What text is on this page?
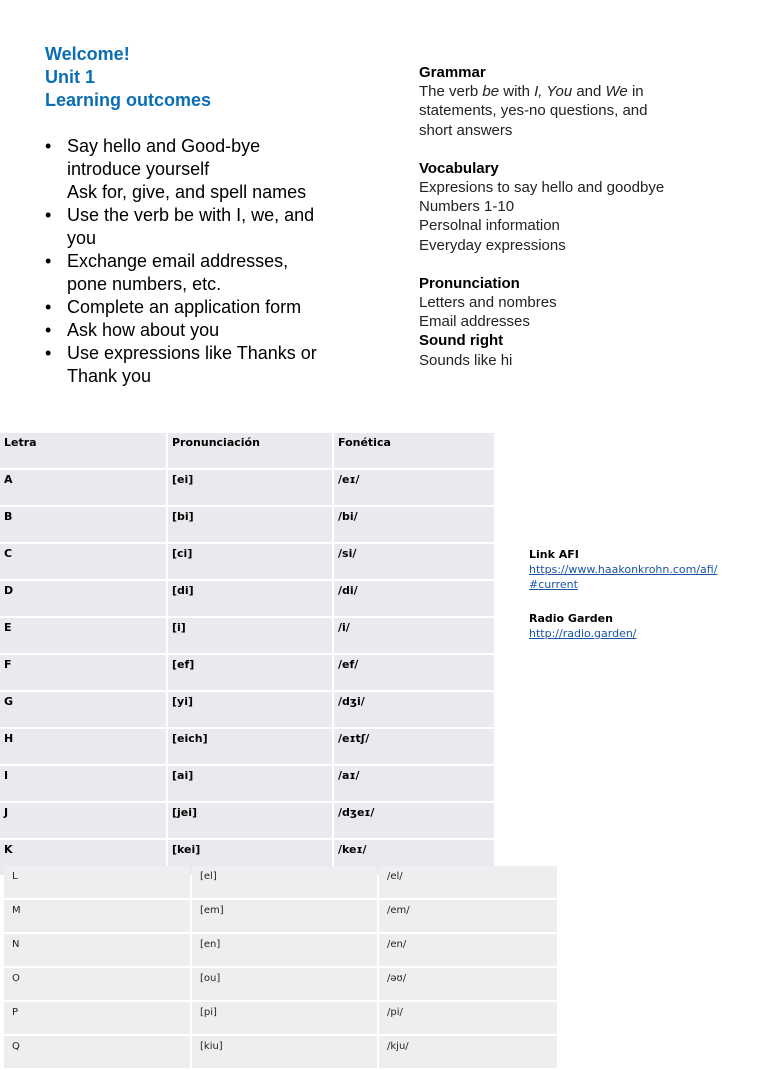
Welcome!
Unit 1
Learning outcomes
• Say hello and Good-bye
introduce yourself
Ask for, give, and spell names
• Use the verb be with I, we, and
you
• Exchange email addresses,
pone numbers, etc.
• Complete an application form
• Ask how about you
• Use expressions like Thanks or
Thank you
Grammar
The verb be with I, You and We in
statements, yes-no questions, and
short answers
Vocabulary
Expresions to say hello and goodbye
Numbers 1-10
Persolnal information
Everyday expressions
Pronunciation
Letters and nombres
Email addresses
Sound right
Sounds like hi
Letra	Pronunciación	Fonética
A	[ei]	/eɪ/
B	[bi]	/bi/
C	[ci]	/si/
D	[di]	/di/
E	[i]	/i/
F	[ef]	/ef/
G	[yi]	/dʒi/
H	[eich]	/eɪtʃ/
I	[ai]	/aɪ/
J	[jei]	/dʒeɪ/
K	[kei]	/keɪ/
L	[el]	/el/
M	[em]	/em/
N	[en]	/en/
O	[ou]	/əʊ/
P	[pi]	/pi/
Q	[kiu]	/kju/
Link AFI
https://www.haakonkrohn.com/afi/
#current
Radio Garden
http://radio.garden/
